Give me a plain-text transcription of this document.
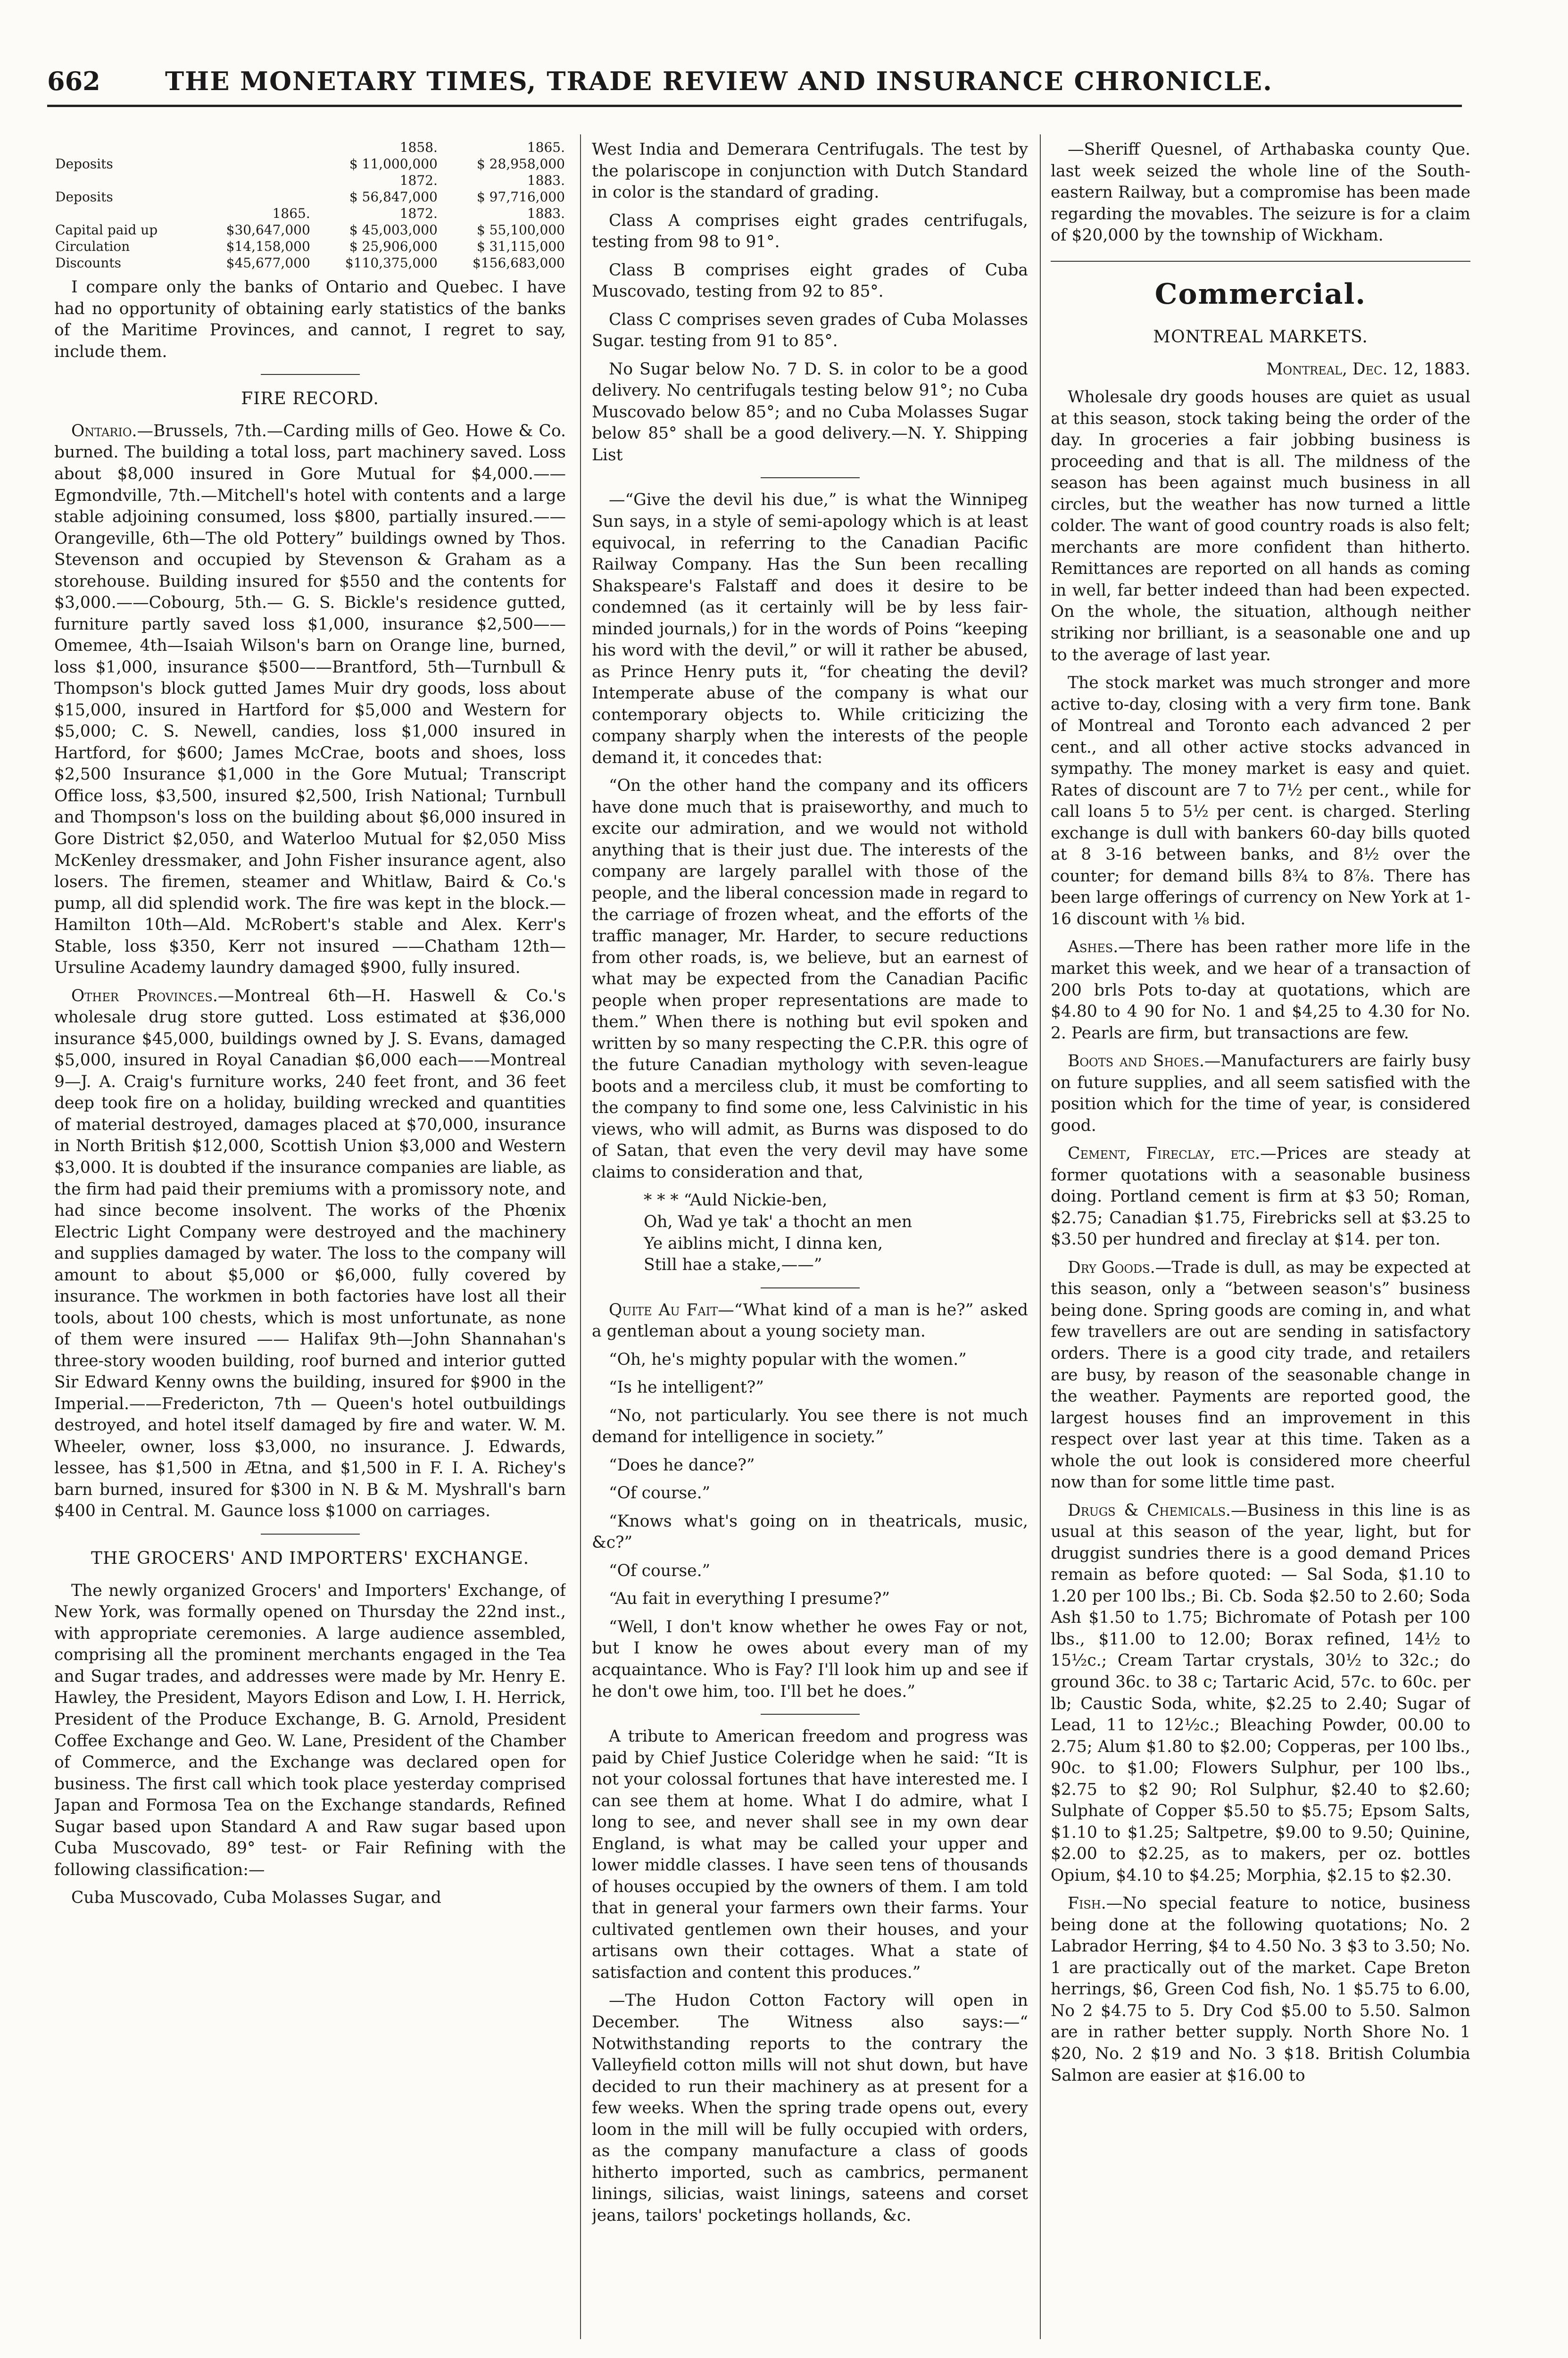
662	THE MONETARY TIMES, TRADE REVIEW AND INSURANCE CHRONICLE.
		1858.	1865.
Deposits		$ 11,000,000	$ 28,958,000
		1872.	1883.
Deposits		$ 56,847,000	$ 97,716,000
	1865.	1872.	1883.
Capital paid up	$30,647,000	$ 45,003,000	$ 55,100,000
Circulation	$14,158,000	$ 25,906,000	$ 31,115,000
Discounts	$45,677,000	$110,375,000	$156,683,000

I compare only the banks of Ontario and Quebec. I have had no opportunity of obtaining early statistics of the banks of the Maritime Provinces, and cannot, I regret to say, include them.

FIRE RECORD.

Ontario.—Brussels, 7th.—Carding mills of Geo. Howe & Co. burned. The building a total loss, part machinery saved. Loss about $8,000 insured in Gore Mutual for $4,000.——Egmondville, 7th.—Mitchell's hotel with contents and a large stable adjoining consumed, loss $800, partially insured.——Orangeville, 6th—The old Pottery” buildings owned by Thos. Stevenson and occupied by Stevenson & Graham as a storehouse. Building insured for $550 and the contents for $3,000.——Cobourg, 5th.— G. S. Bickle's residence gutted, furniture partly saved loss $1,000, insurance $2,500—— Omemee, 4th—Isaiah Wilson's barn on Orange line, burned, loss $1,000, insurance $500——Brantford, 5th—Turnbull & Thompson's block gutted James Muir dry goods, loss about $15,000, insured in Hartford for $5,000 and Western for $5,000; C. S. Newell, candies, loss $1,000 insured in Hartford, for $600; James McCrae, boots and shoes, loss $2,500 Insurance $1,000 in the Gore Mutual; Transcript Office loss, $3,500, insured $2,500, Irish National; Turnbull and Thompson's loss on the building about $6,000 insured in Gore District $2,050, and Waterloo Mutual for $2,050 Miss McKenley dressmaker, and John Fisher insurance agent, also losers. The firemen, steamer and Whitlaw, Baird & Co.'s pump, all did splendid work. The fire was kept in the block.—Hamilton 10th—Ald. McRobert's stable and Alex. Kerr's Stable, loss $350, Kerr not insured ——Chatham 12th—Ursuline Academy laundry damaged $900, fully insured.

Other Provinces.—Montreal 6th—H. Haswell & Co.'s wholesale drug store gutted. Loss estimated at $36,000 insurance $45,000, buildings owned by J. S. Evans, damaged $5,000, insured in Royal Canadian $6,000 each——Montreal 9—J. A. Craig's furniture works, 240 feet front, and 36 feet deep took fire on a holiday, building wrecked and quantities of material destroyed, damages placed at $70,000, insurance in North British $12,000, Scottish Union $3,000 and Western $3,000. It is doubted if the insurance companies are liable, as the firm had paid their premiums with a promissory note, and had since become insolvent. The works of the Phœnix Electric Light Company were destroyed and the machinery and supplies damaged by water. The loss to the company will amount to about $5,000 or $6,000, fully covered by insurance. The workmen in both factories have lost all their tools, about 100 chests, which is most unfortunate, as none of them were insured —— Halifax 9th—John Shannahan's three-story wooden building, roof burned and interior gutted Sir Edward Kenny owns the building, insured for $900 in the Imperial.——Fredericton, 7th — Queen's hotel outbuildings destroyed, and hotel itself damaged by fire and water. W. M. Wheeler, owner, loss $3,000, no insurance. J. Edwards, lessee, has $1,500 in Ætna, and $1,500 in F. I. A. Richey's barn burned, insured for $300 in N. B & M. Myshrall's barn $400 in Central. M. Gaunce loss $1000 on carriages.

THE GROCERS' AND IMPORTERS' EXCHANGE.

The newly organized Grocers' and Importers' Exchange, of New York, was formally opened on Thursday the 22nd inst., with appropriate ceremonies. A large audience assembled, comprising all the prominent merchants engaged in the Tea and Sugar trades, and addresses were made by Mr. Henry E. Hawley, the President, Mayors Edison and Low, I. H. Herrick, President of the Produce Exchange, B. G. Arnold, President Coffee Exchange and Geo. W. Lane, President of the Chamber of Commerce, and the Exchange was declared open for business. The first call which took place yesterday comprised Japan and Formosa Tea on the Exchange standards, Refined Sugar based upon Standard A and Raw sugar based upon Cuba Muscovado, 89° test- or Fair Refining with the following classification:—

Cuba Muscovado, Cuba Molasses Sugar, and

West India and Demerara Centrifugals. The test by the polariscope in conjunction with Dutch Standard in color is the standard of grading.

Class A comprises eight grades centrifugals, testing from 98 to 91°.

Class B comprises eight grades of Cuba Muscovado, testing from 92 to 85°.

Class C comprises seven grades of Cuba Molasses Sugar. testing from 91 to 85°.

No Sugar below No. 7 D. S. in color to be a good delivery. No centrifugals testing below 91°; no Cuba Muscovado below 85°; and no Cuba Molasses Sugar below 85° shall be a good delivery.—N. Y. Shipping List

—“Give the devil his due,” is what the Winnipeg Sun says, in a style of semi-apology which is at least equivocal, in referring to the Canadian Pacific Railway Company. Has the Sun been recalling Shakspeare's Falstaff and does it desire to be condemned (as it certainly will be by less fair-minded journals,) for in the words of Poins “keeping his word with the devil,” or will it rather be abused, as Prince Henry puts it, “for cheating the devil? Intemperate abuse of the company is what our contemporary objects to. While criticizing the company sharply when the interests of the people demand it, it concedes that:

“On the other hand the company and its officers have done much that is praiseworthy, and much to excite our admiration, and we would not withold anything that is their just due. The interests of the company are largely parallel with those of the people, and the liberal concession made in regard to the carriage of frozen wheat, and the efforts of the traffic manager, Mr. Harder, to secure reductions from other roads, is, we believe, but an earnest of what may be expected from the Canadian Pacific people when proper representations are made to them.” When there is nothing but evil spoken and written by so many respecting the C.P.R. this ogre of the future Canadian mythology with seven-league boots and a merciless club, it must be comforting to the company to find some one, less Calvinistic in his views, who will admit, as Burns was disposed to do of Satan, that even the very devil may have some claims to consideration and that,

* * * “Auld Nickie-ben,
Oh, Wad ye tak' a thocht an men
Ye aiblins micht, I dinna ken,
Still hae a stake,——”

Quite Au Fait—“What kind of a man is he?” asked a gentleman about a young society man.

“Oh, he's mighty popular with the women.”

“Is he intelligent?”

“No, not particularly. You see there is not much demand for intelligence in society.”

“Does he dance?”

“Of course.”

“Knows what's going on in theatricals, music, &c?”

“Of course.”

“Au fait in everything I presume?”

“Well, I don't know whether he owes Fay or not, but I know he owes about every man of my acquaintance. Who is Fay? I'll look him up and see if he don't owe him, too. I'll bet he does.”

A tribute to American freedom and progress was paid by Chief Justice Coleridge when he said: “It is not your colossal fortunes that have interested me. I can see them at home. What I do admire, what I long to see, and never shall see in my own dear England, is what may be called your upper and lower middle classes. I have seen tens of thousands of houses occupied by the owners of them. I am told that in general your farmers own their farms. Your cultivated gentlemen own their houses, and your artisans own their cottages. What a state of satisfaction and content this produces.”

—The Hudon Cotton Factory will open in December. The Witness also says:—“ Notwithstanding reports to the contrary the Valleyfield cotton mills will not shut down, but have decided to run their machinery as at present for a few weeks. When the spring trade opens out, every loom in the mill will be fully occupied with orders, as the company manufacture a class of goods hitherto imported, such as cambrics, permanent linings, silicias, waist linings, sateens and corset jeans, tailors' pocketings hollands, &c.

—Sheriff Quesnel, of Arthabaska county Que. last week seized the whole line of the South-eastern Railway, but a compromise has been made regarding the movables. The seizure is for a claim of $20,000 by the township of Wickham.

Commercial.
MONTREAL MARKETS.

Montreal, Dec. 12, 1883.

Wholesale dry goods houses are quiet as usual at this season, stock taking being the order of the day. In groceries a fair jobbing business is proceeding and that is all. The mildness of the season has been against much business in all circles, but the weather has now turned a little colder. The want of good country roads is also felt; merchants are more confident than hitherto. Remittances are reported on all hands as coming in well, far better indeed than had been expected. On the whole, the situation, although neither striking nor brilliant, is a seasonable one and up to the average of last year.

The stock market was much stronger and more active to-day, closing with a very firm tone. Bank of Montreal and Toronto each advanced 2 per cent., and all other active stocks advanced in sympathy. The money market is easy and quiet. Rates of discount are 7 to 7½ per cent., while for call loans 5 to 5½ per cent. is charged. Sterling exchange is dull with bankers 60-day bills quoted at 8 3-16 between banks, and 8½ over the counter; for demand bills 8¾ to 8⅞. There has been large offerings of currency on New York at 1-16 discount with ⅛ bid.

Ashes.—There has been rather more life in the market this week, and we hear of a transaction of 200 brls Pots to-day at quotations, which are $4.80 to 4 90 for No. 1 and $4,25 to 4.30 for No. 2. Pearls are firm, but transactions are few.

Boots and Shoes.—Manufacturers are fairly busy on future supplies, and all seem satisfied with the position which for the time of year, is considered good.

Cement, Fireclay, etc.—Prices are steady at former quotations with a seasonable business doing. Portland cement is firm at $3 50; Roman, $2.75; Canadian $1.75, Firebricks sell at $3.25 to $3.50 per hundred and fireclay at $14. per ton.

Dry Goods.—Trade is dull, as may be expected at this season, only a “between season's” business being done. Spring goods are coming in, and what few travellers are out are sending in satisfactory orders. There is a good city trade, and retailers are busy, by reason of the seasonable change in the weather. Payments are reported good, the largest houses find an improvement in this respect over last year at this time. Taken as a whole the out look is considered more cheerful now than for some little time past.

Drugs & Chemicals.—Business in this line is as usual at this season of the year, light, but for druggist sundries there is a good demand Prices remain as before quoted: — Sal Soda, $1.10 to 1.20 per 100 lbs.; Bi. Cb. Soda $2.50 to 2.60; Soda Ash $1.50 to 1.75; Bichromate of Potash per 100 lbs., $11.00 to 12.00; Borax refined, 14½ to 15½c.; Cream Tartar crystals, 30½ to 32c.; do ground 36c. to 38 c; Tartaric Acid, 57c. to 60c. per lb; Caustic Soda, white, $2.25 to 2.40; Sugar of Lead, 11 to 12½c.; Bleaching Powder, 00.00 to 2.75; Alum $1.80 to $2.00; Copperas, per 100 lbs., 90c. to $1.00; Flowers Sulphur, per 100 lbs., $2.75 to $2 90; Rol Sulphur, $2.40 to $2.60; Sulphate of Copper $5.50 to $5.75; Epsom Salts, $1.10 to $1.25; Saltpetre, $9.00 to 9.50; Quinine, $2.00 to $2.25, as to makers, per oz. bottles Opium, $4.10 to $4.25; Morphia, $2.15 to $2.30.

Fish.—No special feature to notice, business being done at the following quotations; No. 2 Labrador Herring, $4 to 4.50 No. 3 $3 to 3.50; No. 1 are practically out of the market. Cape Breton herrings, $6, Green Cod fish, No. 1 $5.75 to 6.00, No 2 $4.75 to 5. Dry Cod $5.00 to 5.50. Salmon are in rather better supply. North Shore No. 1 $20, No. 2 $19 and No. 3 $18. British Columbia Salmon are easier at $16.00 to
